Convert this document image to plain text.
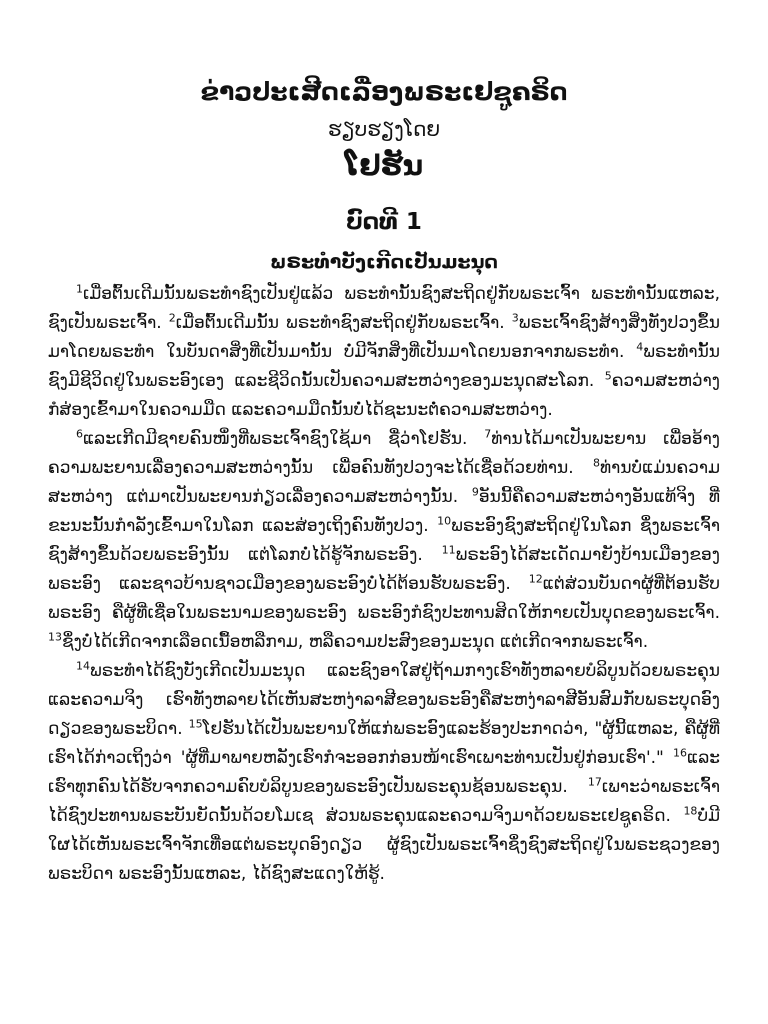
ຂ່າວປະເສີດເລື່ອງພຣະເຢຊູຄຣິດ
ຮຽບຮຽງໂດຍ
ໂຢຮັນ
ບົດທີ 1
ພຣະທຳບັງເກີດເປັນມະນຸດ

$^1$ເມື່ອຕົ້ນເດີມນັ້ນພຣະທຳຊົງເປັນຢູ່ແລ້ວ ພຣະທຳນັ້ນຊົງສະຖິດຢູ່ກັບພຣະເຈົ້າ ພຣະທຳນັ້ນແຫລະ, ຊົງເປັນພຣະເຈົ້າ. $^2$ເມື່ອຕົ້ນເດີມນັ້ນ ພຣະທຳຊົງສະຖິດຢູ່ກັບພຣະເຈົ້າ. $^3$ພຣະເຈົ້າຊົງສ້າງສິ່ງທັງປວງຂຶ້ນມາໂດຍພຣະທຳ ໃນບັນດາສິ່ງທີ່ເປັນມານັ້ນ ບໍ່ມີຈັກສິ່ງທີ່ເປັນມາໂດຍນອກຈາກພຣະທຳ. $^4$ພຣະທຳນັ້ນຊົງມີຊີວິດຢູ່ໃນພຣະອົງເອງ ແລະຊີວິດນັ້ນເປັນຄວາມສະຫວ່າງຂອງມະນຸດສະໂລກ. $^5$ຄວາມສະຫວ່າງກໍສ່ອງເຂົ້າມາໃນຄວາມມືດ ແລະຄວາມມືດນັ້ນບໍ່ໄດ້ຊະນະຕໍ່ຄວາມສະຫວ່າງ.

$^6$ແລະເກີດມີຊາຍຄົນໜຶ່ງທີ່ພຣະເຈົ້າຊົງໃຊ້ມາ ຊື່ວ່າໂຢຮັນ. $^7$ທ່ານໄດ້ມາເປັນພະຍານ ເພື່ອອ້າງຄວາມພະຍານເລື່ອງຄວາມສະຫວ່າງນັ້ນ ເພື່ອຄົນທັງປວງຈະໄດ້ເຊື່ອດ້ວຍທ່ານ. $^8$ທ່ານບໍ່ແມ່ນຄວາມສະຫວ່າງ ແຕ່ມາເປັນພະຍານກ່ຽວເລື່ອງຄວາມສະຫວ່າງນັ້ນ. $^9$ອັນນີ້ຄືຄວາມສະຫວ່າງອັນແທ້ຈິງ ທີ່ຂະນະນັ້ນກຳລັງເຂົ້າມາໃນໂລກ ແລະສ່ອງເຖິງຄົນທັງປວງ. $^{10}$ພຣະອົງຊົງສະຖິດຢູ່ໃນໂລກ ຊຶ່ງພຣະເຈົ້າຊົງສ້າງຂຶ້ນດ້ວຍພຣະອົງນັ້ນ ແຕ່ໂລກບໍ່ໄດ້ຮູ້ຈັກພຣະອົງ. $^{11}$ພຣະອົງໄດ້ສະເດັດມາຍັງບ້ານເມືອງຂອງພຣະອົງ ແລະຊາວບ້ານຊາວເມືອງຂອງພຣະອົງບໍ່ໄດ້ຕ້ອນຮັບພຣະອົງ. $^{12}$ແຕ່ສ່ວນບັນດາຜູ້ທີ່ຕ້ອນຮັບພຣະອົງ ຄືຜູ້ທີ່ເຊື່ອໃນພຣະນາມຂອງພຣະອົງ ພຣະອົງກໍຊົງປະທານສິດໃຫ້ກາຍເປັນບຸດຂອງພຣະເຈົ້າ. $^{13}$ຊຶ່ງບໍ່ໄດ້ເກີດຈາກເລືອດເນື້ອຫລືກາມ, ຫລືຄວາມປະສົງຂອງມະນຸດ ແຕ່ເກີດຈາກພຣະເຈົ້າ.

$^{14}$ພຣະທຳໄດ້ຊົງບັງເກີດເປັນມະນຸດ ແລະຊົງອາໃສຢູ່ຖ້າມກາງເຮົາທັງຫລາຍບໍລິບູນດ້ວຍພຣະຄຸນແລະຄວາມຈິງ ເຮົາທັງຫລາຍໄດ້ເຫັນສະຫງ່າລາສີຂອງພຣະອົງຄືສະຫງ່າລາສີອັນສົມກັບພຣະບຸດອົງດຽວຂອງພຣະບິດາ. $^{15}$ໂຢຮັນໄດ້ເປັນພະຍານໃຫ້ແກ່ພຣະອົງແລະຮ້ອງປະກາດວ່າ, "ຜູ້ນີ້ແຫລະ, ຄືຜູ້ທີ່ເຮົາໄດ້ກ່າວເຖິງວ່າ 'ຜູ້ທີ່ມາພາຍຫລັງເຮົາກໍຈະອອກກ່ອນໜ້າເຮົາເພາະທ່ານເປັນຢູ່ກ່ອນເຮົາ'." $^{16}$ແລະເຮົາທຸກຄົນໄດ້ຮັບຈາກຄວາມຄົບບໍລິບູນຂອງພຣະອົງເປັນພຣະຄຸນຊ້ອນພຣະຄຸນ. $^{17}$ເພາະວ່າພຣະເຈົ້າໄດ້ຊົງປະທານພຣະບັນຍັດນັ້ນດ້ວຍໂມເຊ ສ່ວນພຣະຄຸນແລະຄວາມຈິງມາດ້ວຍພຣະເຢຊູຄຣິດ. $^{18}$ບໍ່ມີໃຜໄດ້ເຫັນພຣະເຈົ້າຈັກເທື່ອແຕ່ພຣະບຸດອົງດຽວ ຜູ້ຊົງເປັນພຣະເຈົ້າຊຶ່ງຊົງສະຖິດຢູ່ໃນພຣະຊວງຂອງພຣະບິດາ ພຣະອົງນັ້ນແຫລະ, ໄດ້ຊົງສະແດງໃຫ້ຮູ້.
